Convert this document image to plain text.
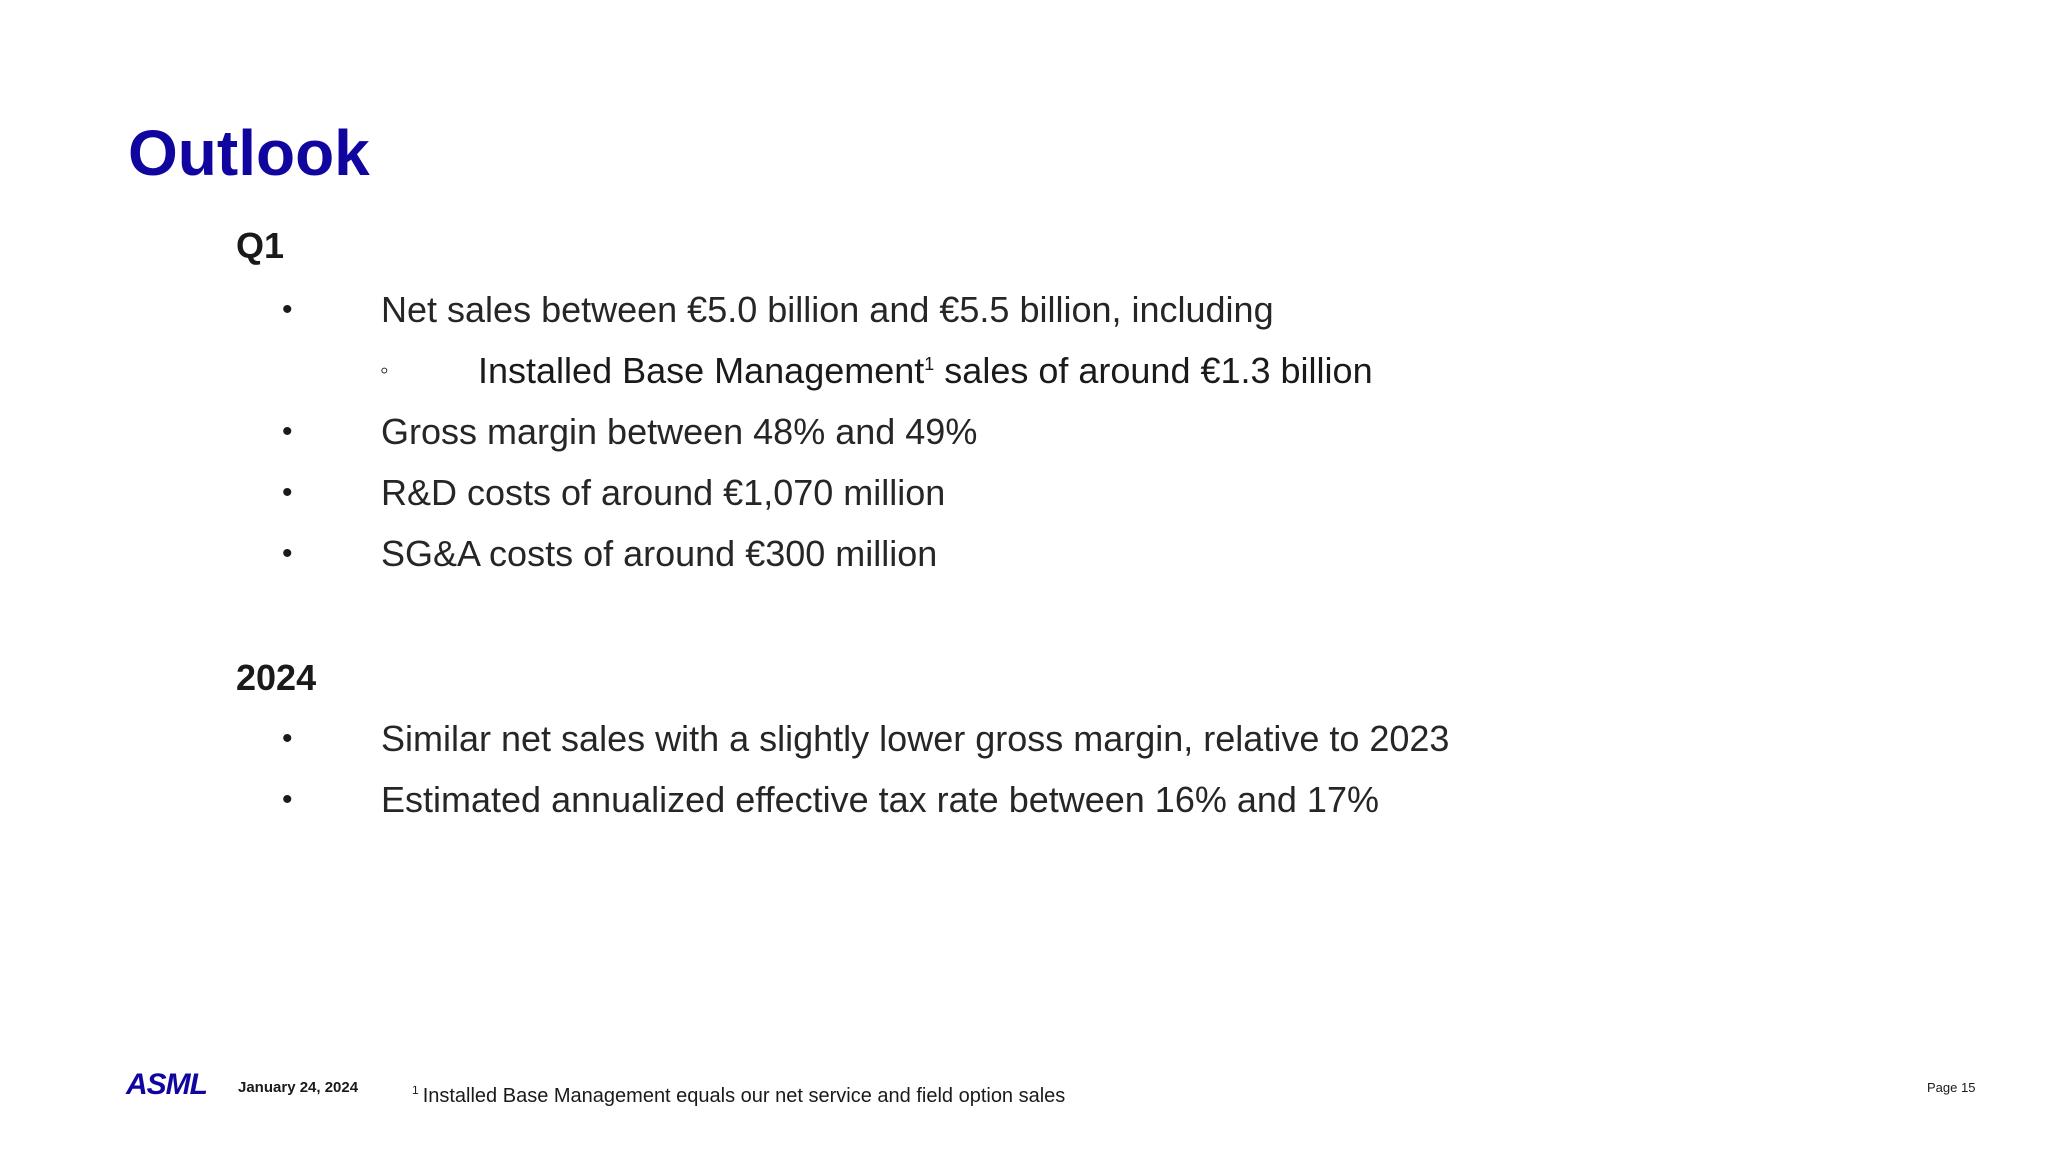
Outlook
Q1
• Net sales between €5.0 billion and €5.5 billion, including
◦ Installed Base Management$^1$ sales of around €1.3 billion
• Gross margin between 48% and 49%
• R&D costs of around €1,070 million
• SG&A costs of around €300 million
2024
• Similar net sales with a slightly lower gross margin, relative to 2023
• Estimated annualized effective tax rate between 16% and 17%
ASML January 24, 2024	$^1$ Installed Base Management equals our net service and field option sales	Page 15
